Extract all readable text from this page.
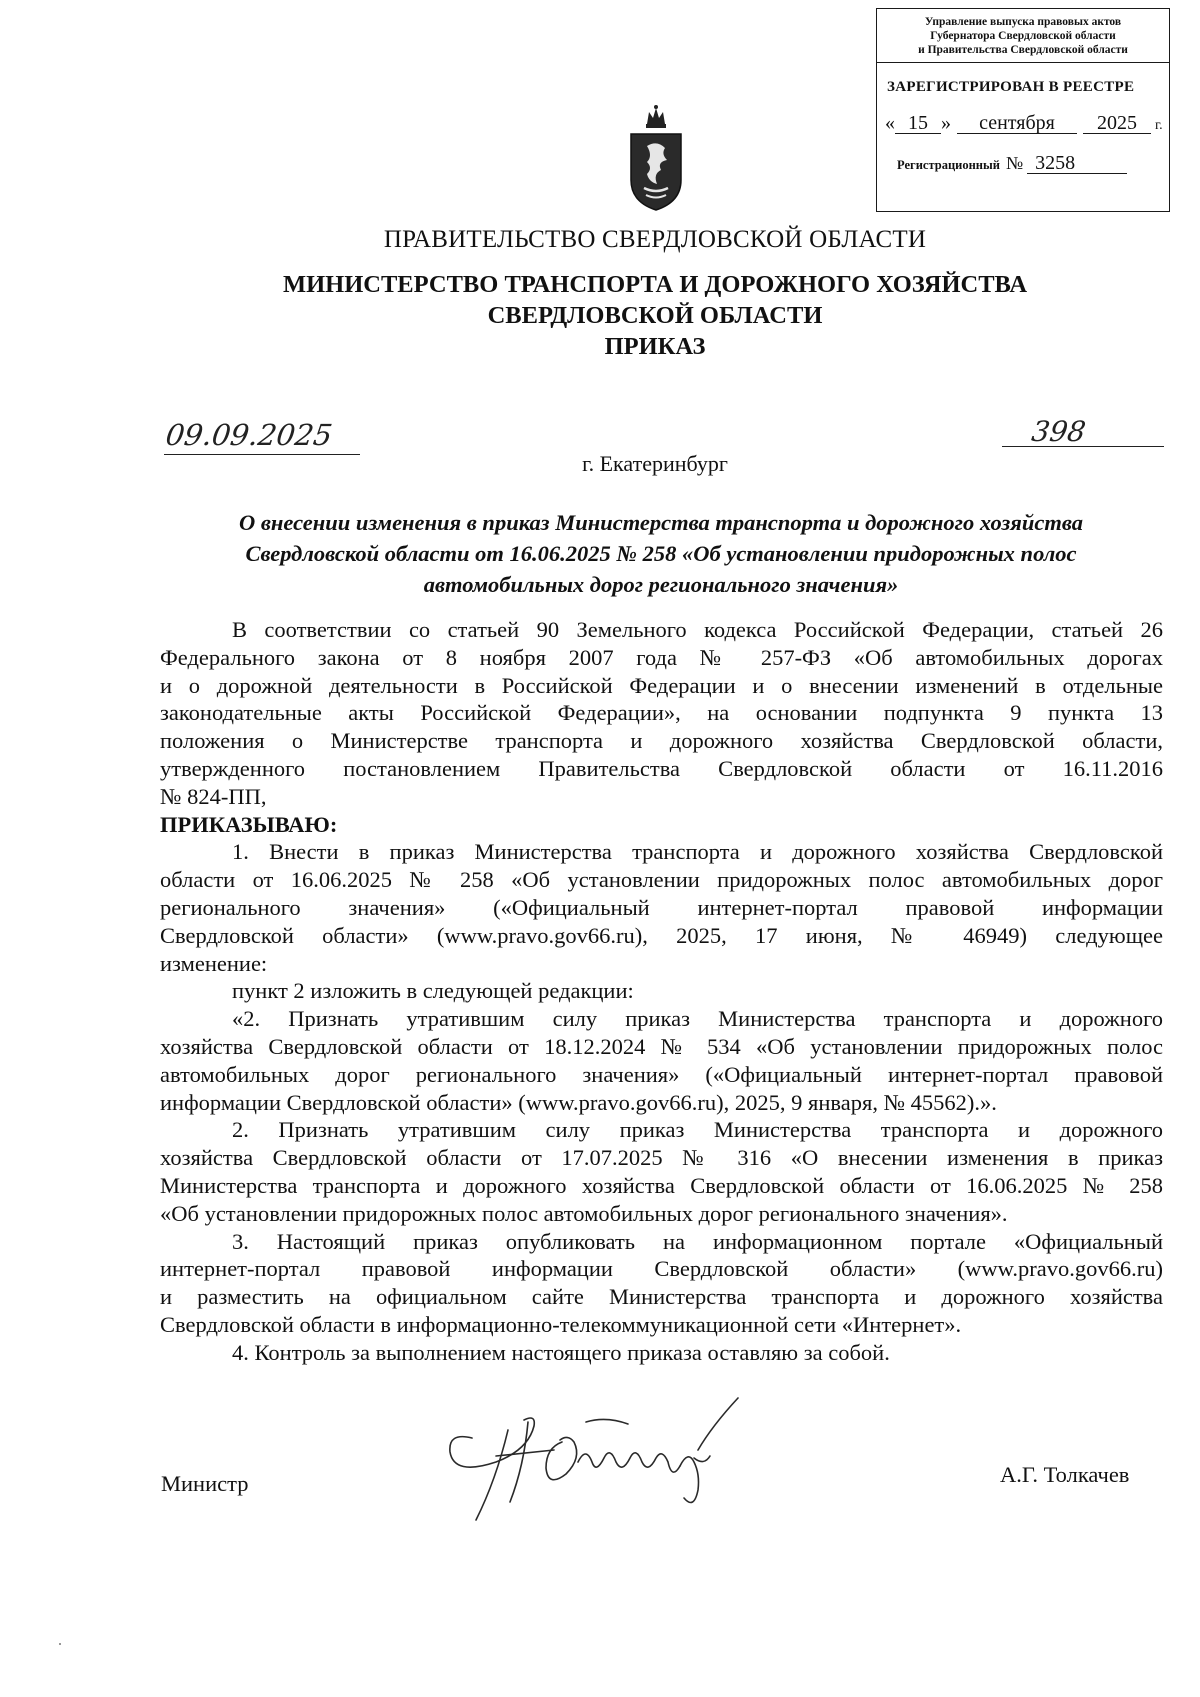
Управление выпуска правовых актов
Губернатора Свердловской области
и Правительства Свердловской области
ЗАРЕГИСТРИРОВАН В РЕЕСТРЕ
« 15 » сентября 2025 г.
Регистрационный № 3258
ПРАВИТЕЛЬСТВО СВЕРДЛОВСКОЙ ОБЛАСТИ
МИНИСТЕРСТВО ТРАНСПОРТА И ДОРОЖНОГО ХОЗЯЙСТВА
СВЕРДЛОВСКОЙ ОБЛАСТИ
ПРИКАЗ
09.09.2025	398
г. Екатеринбург
О внесении изменения в приказ Министерства транспорта и дорожного хозяйства
Свердловской области от 16.06.2025 № 258 «Об установлении придорожных полос
автомобильных дорог регионального значения»
В соответствии со статьей 90 Земельного кодекса Российской Федерации, статьей 26
Федерального закона от 8 ноября 2007 года № 257-ФЗ «Об автомобильных дорогах
и о дорожной деятельности в Российской Федерации и о внесении изменений в отдельные
законодательные акты Российской Федерации», на основании подпункта 9 пункта 13
положения о Министерстве транспорта и дорожного хозяйства Свердловской области,
утвержденного постановлением Правительства Свердловской области от 16.11.2016
№ 824-ПП,
ПРИКАЗЫВАЮ:
1. Внести в приказ Министерства транспорта и дорожного хозяйства Свердловской
области от 16.06.2025 № 258 «Об установлении придорожных полос автомобильных дорог
регионального значения» («Официальный интернет-портал правовой информации
Свердловской области» (www.pravo.gov66.ru), 2025, 17 июня, № 46949) следующее
изменение:
пункт 2 изложить в следующей редакции:
«2. Признать утратившим силу приказ Министерства транспорта и дорожного
хозяйства Свердловской области от 18.12.2024 № 534 «Об установлении придорожных полос
автомобильных дорог регионального значения» («Официальный интернет-портал правовой
информации Свердловской области» (www.pravo.gov66.ru), 2025, 9 января, № 45562).».
2. Признать утратившим силу приказ Министерства транспорта и дорожного
хозяйства Свердловской области от 17.07.2025 № 316 «О внесении изменения в приказ
Министерства транспорта и дорожного хозяйства Свердловской области от 16.06.2025 № 258
«Об установлении придорожных полос автомобильных дорог регионального значения».
3. Настоящий приказ опубликовать на информационном портале «Официальный
интернет-портал правовой информации Свердловской области» (www.pravo.gov66.ru)
и разместить на официальном сайте Министерства транспорта и дорожного хозяйства
Свердловской области в информационно-телекоммуникационной сети «Интернет».
4. Контроль за выполнением настоящего приказа оставляю за собой.
Министр	А.Г. Толкачев
